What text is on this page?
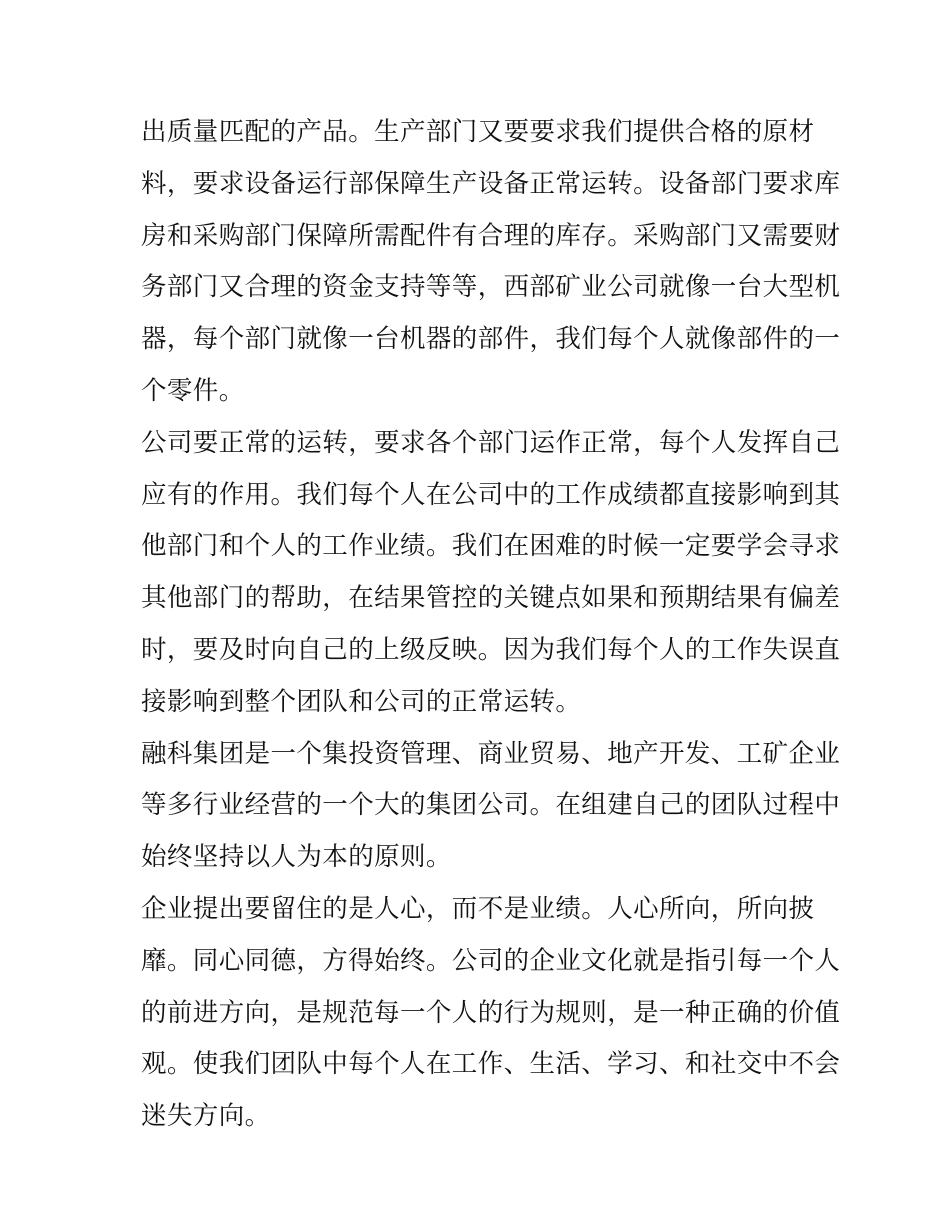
出质量匹配的产品。生产部门又要要求我们提供合格的原材
料，要求设备运行部保障生产设备正常运转。设备部门要求库
房和采购部门保障所需配件有合理的库存。采购部门又需要财
务部门又合理的资金支持等等，西部矿业公司就像一台大型机
器，每个部门就像一台机器的部件，我们每个人就像部件的一
个零件。
公司要正常的运转，要求各个部门运作正常，每个人发挥自己
应有的作用。我们每个人在公司中的工作成绩都直接影响到其
他部门和个人的工作业绩。我们在困难的时候一定要学会寻求
其他部门的帮助，在结果管控的关键点如果和预期结果有偏差
时，要及时向自己的上级反映。因为我们每个人的工作失误直
接影响到整个团队和公司的正常运转。
融科集团是一个集投资管理、商业贸易、地产开发、工矿企业
等多行业经营的一个大的集团公司。在组建自己的团队过程中
始终坚持以人为本的原则。
企业提出要留住的是人心，而不是业绩。人心所向，所向披
靡。同心同德，方得始终。公司的企业文化就是指引每一个人
的前进方向，是规范每一个人的行为规则，是一种正确的价值
观。使我们团队中每个人在工作、生活、学习、和社交中不会
迷失方向。
